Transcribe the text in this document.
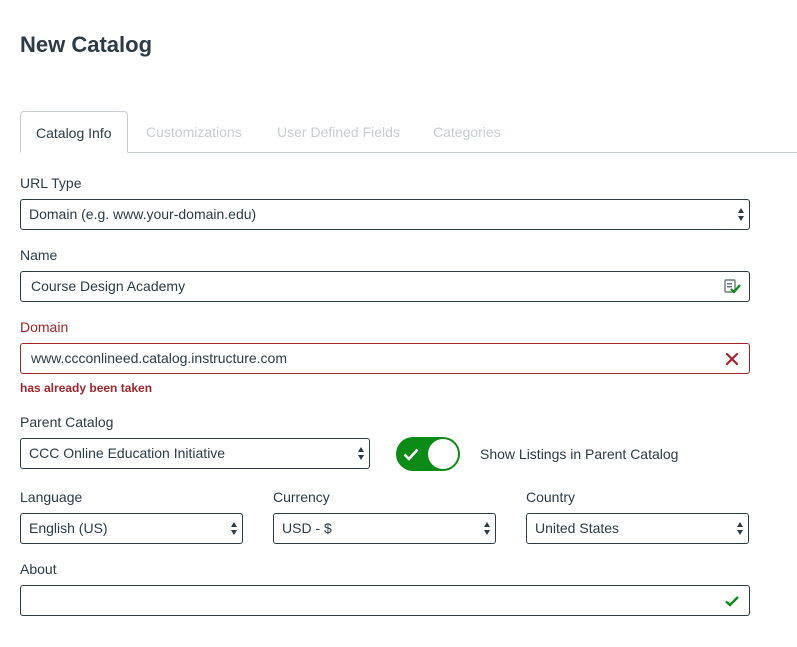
New Catalog
Catalog Info	Customizations	User Defined Fields Categories
URL Type
Domain (e.g. www.your-domain.edu)
Name
Course Design Academy
Domain
www.ccconlineed.catalog.instructure.com
has already been taken
Parent Catalog
CCC Online Education Initiative	Show Listings in Parent Catalog
Language
English (US)
Currency
USD - $
Country
United States
About
